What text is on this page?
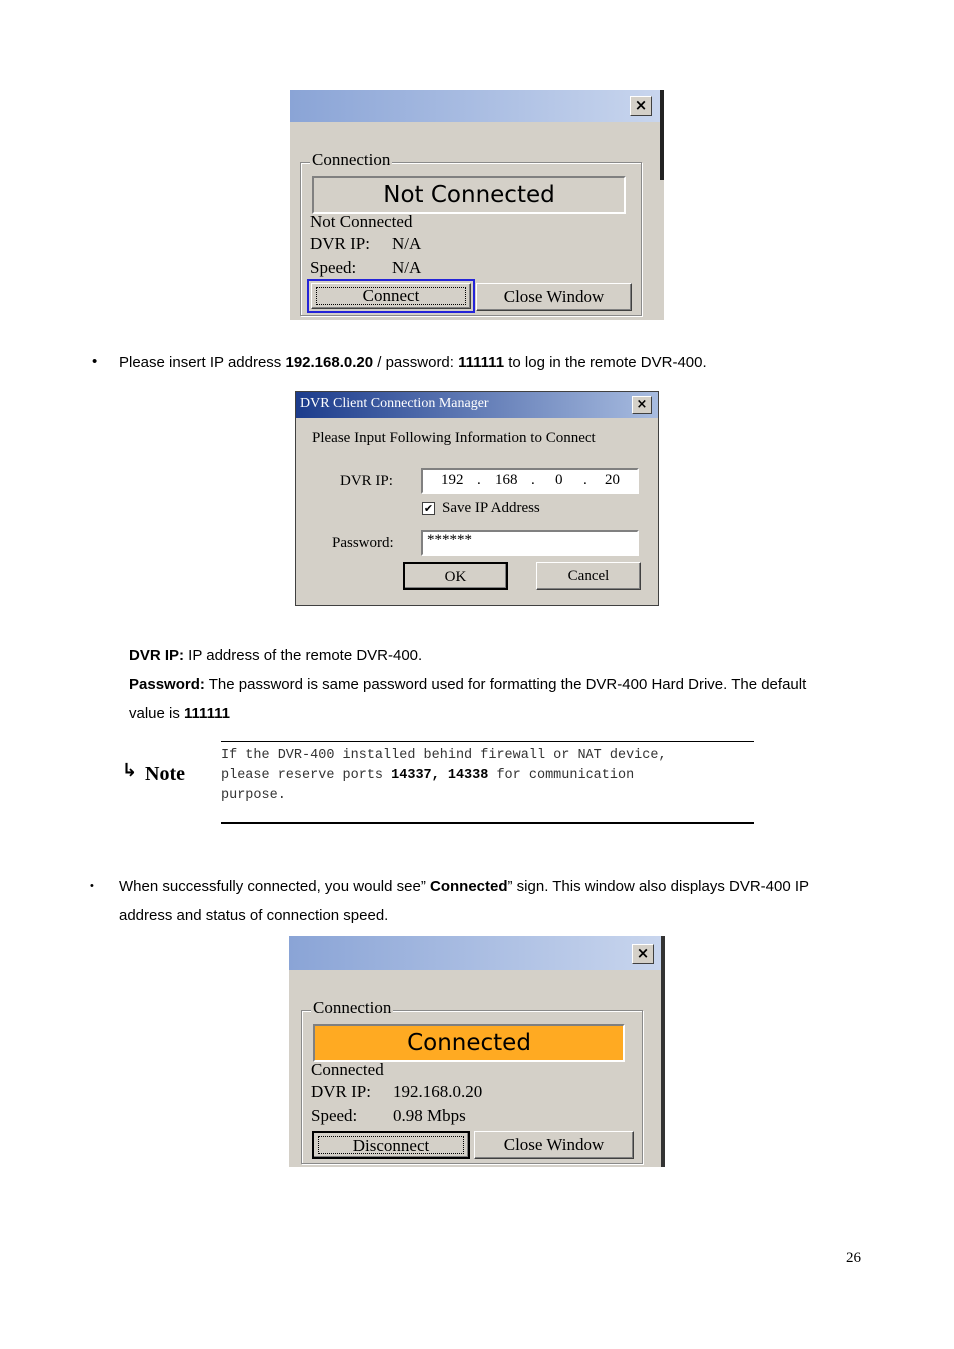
×
Connection
Not Connected
Not Connected
DVR IP: N/A
Speed: N/A
Connect	Close Window
• Please insert IP address 192.168.0.20 / password: 111111 to log in the remote DVR-400.
DVR Client Connection Manager	×
Please Input Following Information to Connect
DVR IP:	192 . 168 . 0 . 20
✔ Save IP Address
Password:	******
OK	Cancel
DVR IP: IP address of the remote DVR-400.
Password: The password is same password used for formatting the DVR-400 Hard Drive. The default
value is 111111
↳ Note
If the DVR-400 installed behind firewall or NAT device,
please reserve ports 14337, 14338 for communication
purpose.
• When successfully connected, you would see” Connected” sign. This window also displays DVR-400 IP
address and status of connection speed.
×
Connection
Connected
Connected
DVR IP: 192.168.0.20
Speed: 0.98 Mbps
Disconnect	Close Window
26
